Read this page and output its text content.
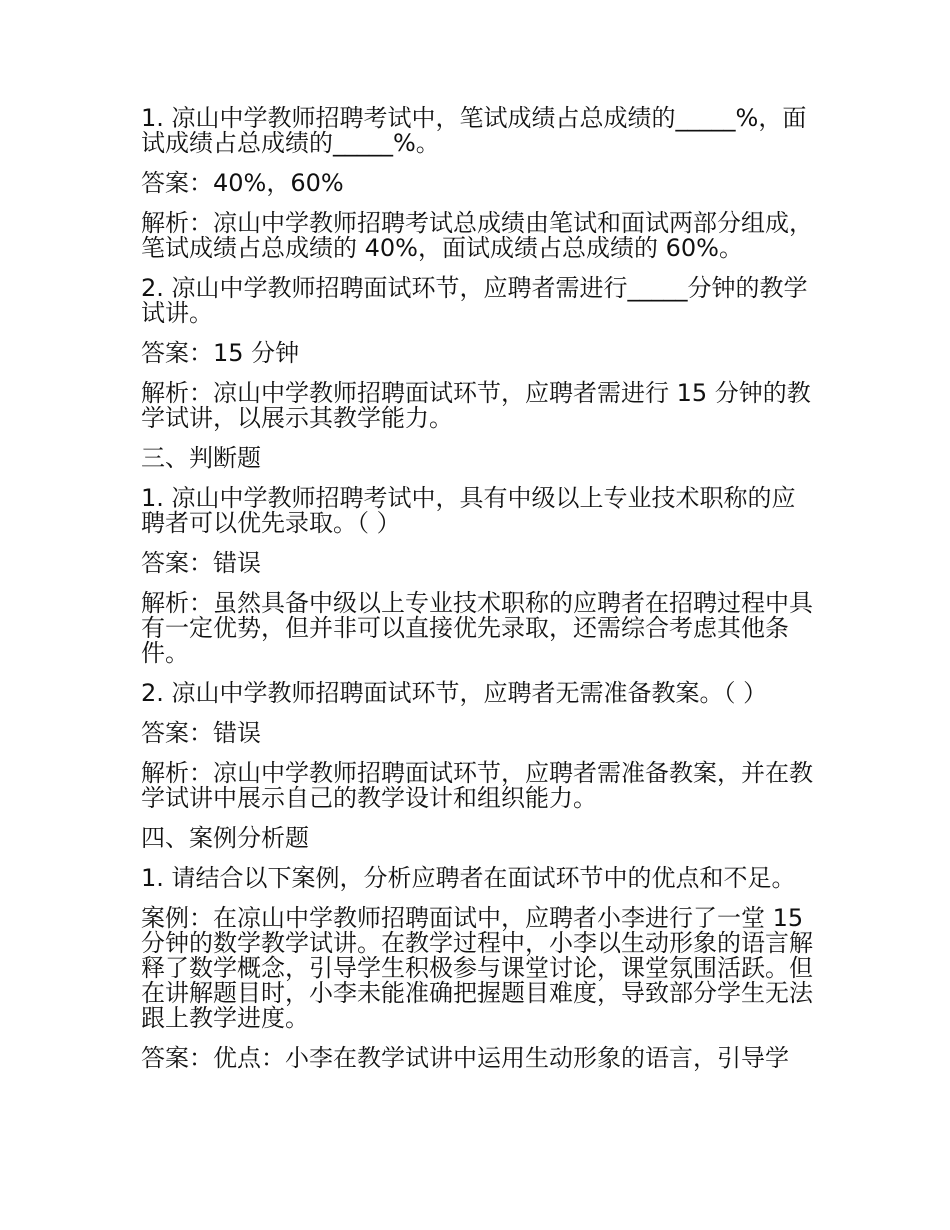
1. 凉山中学教师招聘考试中，笔试成绩占总成绩的_____%，面试成绩占总成绩的_____%。

答案：40%，60%

解析：凉山中学教师招聘考试总成绩由笔试和面试两部分组成，笔试成绩占总成绩的 40%，面试成绩占总成绩的 60%。

2. 凉山中学教师招聘面试环节，应聘者需进行_____分钟的教学试讲。

答案：15 分钟

解析：凉山中学教师招聘面试环节，应聘者需进行 15 分钟的教学试讲，以展示其教学能力。

三、判断题

1. 凉山中学教师招聘考试中，具有中级以上专业技术职称的应聘者可以优先录取。（ ）

答案：错误

解析：虽然具备中级以上专业技术职称的应聘者在招聘过程中具有一定优势，但并非可以直接优先录取，还需综合考虑其他条件。

2. 凉山中学教师招聘面试环节，应聘者无需准备教案。（ ）

答案：错误

解析：凉山中学教师招聘面试环节，应聘者需准备教案，并在教学试讲中展示自己的教学设计和组织能力。

四、案例分析题

1. 请结合以下案例，分析应聘者在面试环节中的优点和不足。

案例：在凉山中学教师招聘面试中，应聘者小李进行了一堂 15 分钟的数学教学试讲。在教学过程中，小李以生动形象的语言解释了数学概念，引导学生积极参与课堂讨论，课堂氛围活跃。但在讲解题目时，小李未能准确把握题目难度，导致部分学生无法跟上教学进度。

答案：优点：小李在教学试讲中运用生动形象的语言，引导学
